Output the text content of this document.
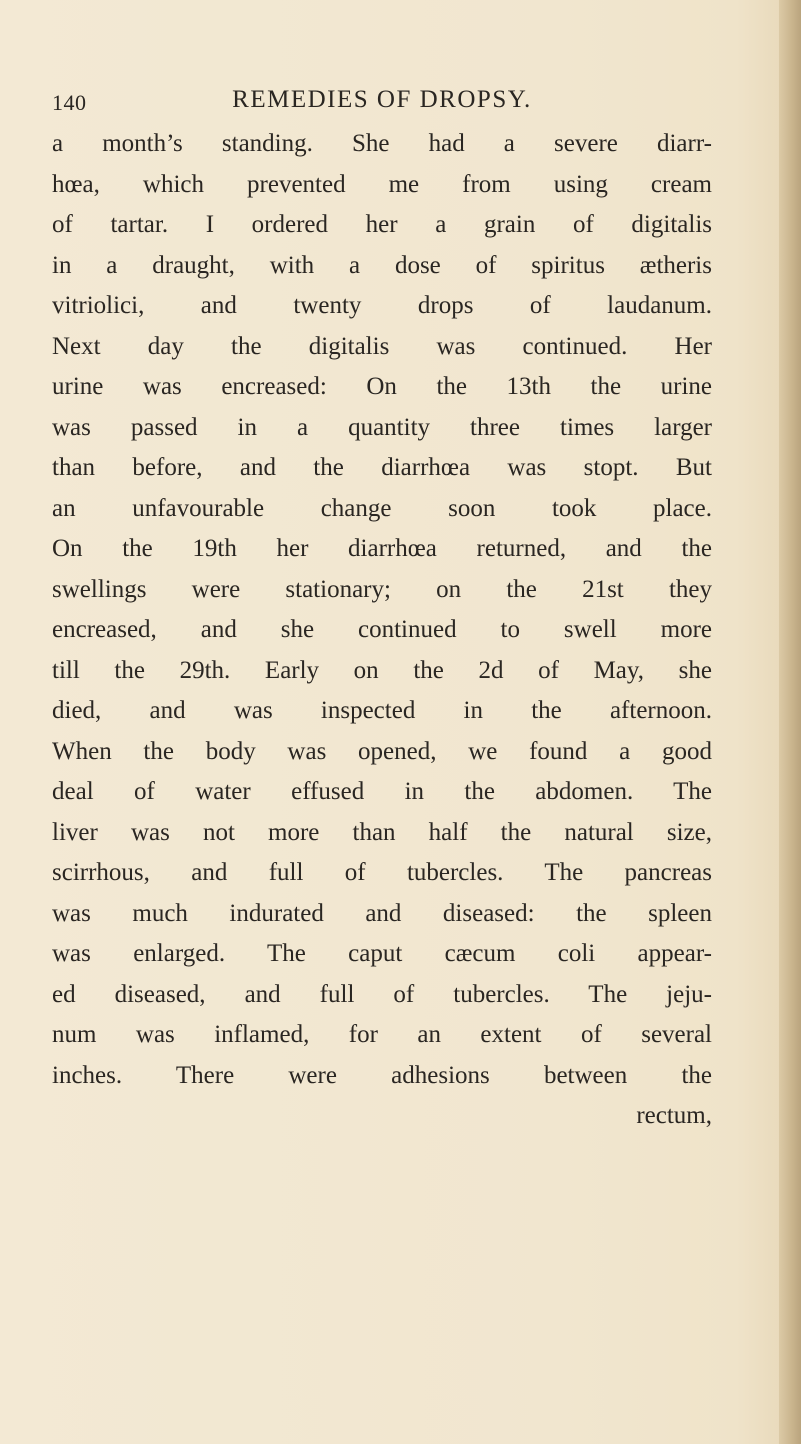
140	REMEDIES OF DROPSY.
a month’s standing. She had a severe diarr-
hœa, which prevented me from using cream
of tartar. I ordered her a grain of digitalis
in a draught, with a dose of spiritus ætheris
vitriolici, and twenty drops of laudanum.
Next day the digitalis was continued. Her
urine was encreased: On the 13th the urine
was passed in a quantity three times larger
than before, and the diarrhœa was stopt. But
an unfavourable change soon took place.
On the 19th her diarrhœa returned, and the
swellings were stationary; on the 21st they
encreased, and she continued to swell more
till the 29th. Early on the 2d of May, she
died, and was inspected in the afternoon.
When the body was opened, we found a good
deal of water effused in the abdomen. The
liver was not more than half the natural size,
scirrhous, and full of tubercles. The pancreas
was much indurated and diseased: the spleen
was enlarged. The caput cæcum coli appear-
ed diseased, and full of tubercles. The jeju-
num was inflamed, for an extent of several
inches. There were adhesions between the
rectum,
